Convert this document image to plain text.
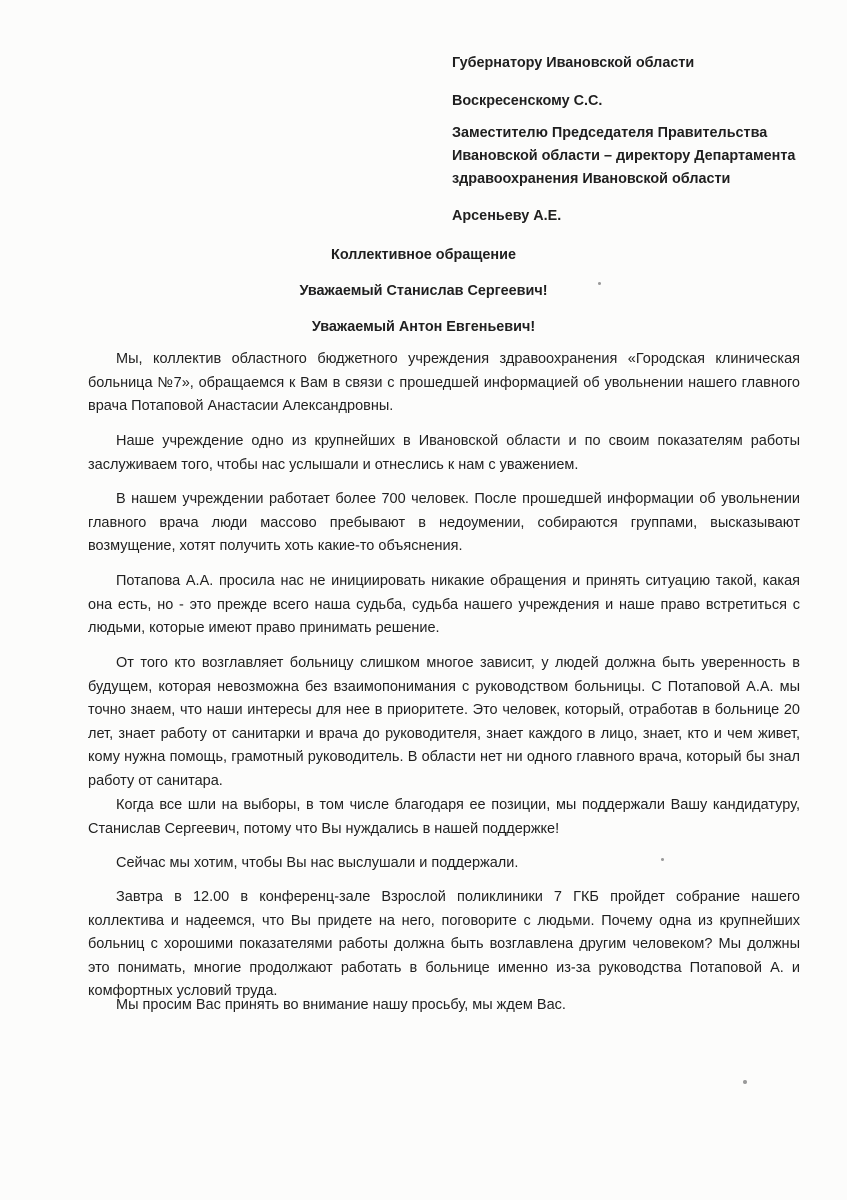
Губернатору Ивановской области

Воскресенскому С.С.

Заместителю Председателя Правительства Ивановской области – директору Департамента здравоохранения Ивановской области

Арсеньеву А.Е.

Коллективное обращение

Уважаемый Станислав Сергеевич!

Уважаемый Антон Евгеньевич!

Мы, коллектив областного бюджетного учреждения здравоохранения «Городская клиническая больница №7», обращаемся к Вам в связи с прошедшей информацией об увольнении нашего главного врача Потаповой Анастасии Александровны.

Наше учреждение одно из крупнейших в Ивановской области и по своим показателям работы заслуживаем того, чтобы нас услышали и отнеслись к нам с уважением.

В нашем учреждении работает более 700 человек. После прошедшей информации об увольнении главного врача люди массово пребывают в недоумении, собираются группами, высказывают возмущение, хотят получить хоть какие-то объяснения.

Потапова А.А. просила нас не инициировать никакие обращения и принять ситуацию такой, какая она есть, но - это прежде всего наша судьба, судьба нашего учреждения и наше право встретиться с людьми, которые имеют право принимать решение.

От того кто возглавляет больницу слишком многое зависит, у людей должна быть уверенность в будущем, которая невозможна без взаимопонимания с руководством больницы. С Потаповой А.А. мы точно знаем, что наши интересы для нее в приоритете. Это человек, который, отработав в больнице 20 лет, знает работу от санитарки и врача до руководителя, знает каждого в лицо, знает, кто и чем живет, кому нужна помощь, грамотный руководитель. В области нет ни одного главного врача, который бы знал работу от санитара.

Когда все шли на выборы, в том числе благодаря ее позиции, мы поддержали Вашу кандидатуру, Станислав Сергеевич, потому что Вы нуждались в нашей поддержке!

Сейчас мы хотим, чтобы Вы нас выслушали и поддержали.

Завтра в 12.00 в конференц-зале Взрослой поликлиники 7 ГКБ пройдет собрание нашего коллектива и надеемся, что Вы придете на него, поговорите с людьми. Почему одна из крупнейших больниц с хорошими показателями работы должна быть возглавлена другим человеком? Мы должны это понимать, многие продолжают работать в больнице именно из-за руководства Потаповой А. и комфортных условий труда.

Мы просим Вас принять во внимание нашу просьбу, мы ждем Вас.
